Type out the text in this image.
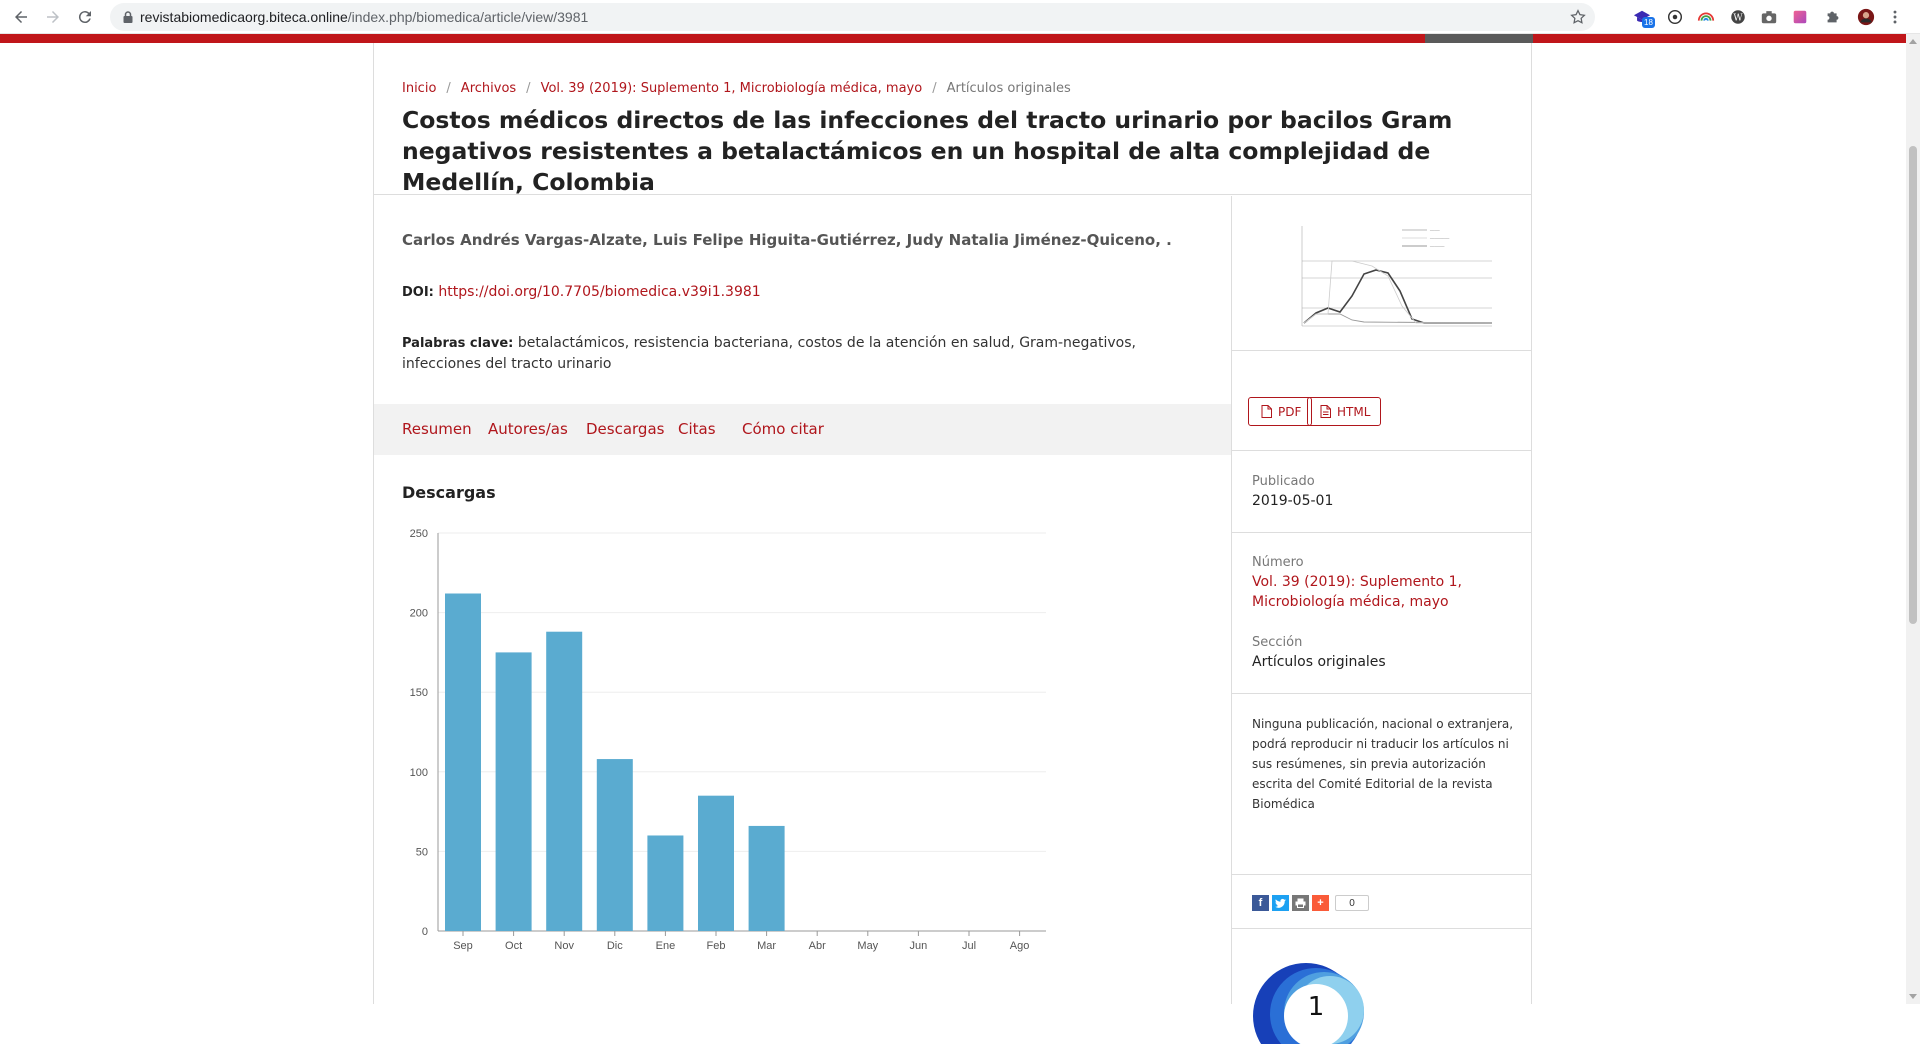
revistabiomedicaorg.biteca.online/index.php/biomedica/article/view/3981	18	W
Inicio / Archivos / Vol. 39 (2019): Suplemento 1, Microbiología médica, mayo / Artículos originales
Costos médicos directos de las infecciones del tracto urinario por bacilos Gram negativos resistentes a betalactámicos en un hospital de alta complejidad de Medellín, Colombia
Carlos Andrés Vargas-Alzate, Luis Felipe Higuita-Gutiérrez, Judy Natalia Jiménez-Quiceno, .
DOI: https://doi.org/10.7705/biomedica.v39i1.3981
Palabras clave: betalactámicos, resistencia bacteriana, costos de la atención en salud, Gram-negativos, infecciones del tracto urinario
Resumen Autores/as Descargas Citas Cómo citar
Descargas
0
50
100
150
200
250
Sep	Oct	Nov	Dic	Ene	Feb	Mar	Abr	May	Jun	Jul	Ago
────
────────
──────
PDF	HTML
Publicado
2019-05-01
Número
Vol. 39 (2019): Suplemento 1, Microbiología médica, mayo
Sección
Artículos originales
Ninguna publicación, nacional o extranjera, podrá reproducir ni traducir los artículos ni sus resúmenes, sin previa autorización escrita del Comité Editorial de la revista Biomédica
f	+	0
1
